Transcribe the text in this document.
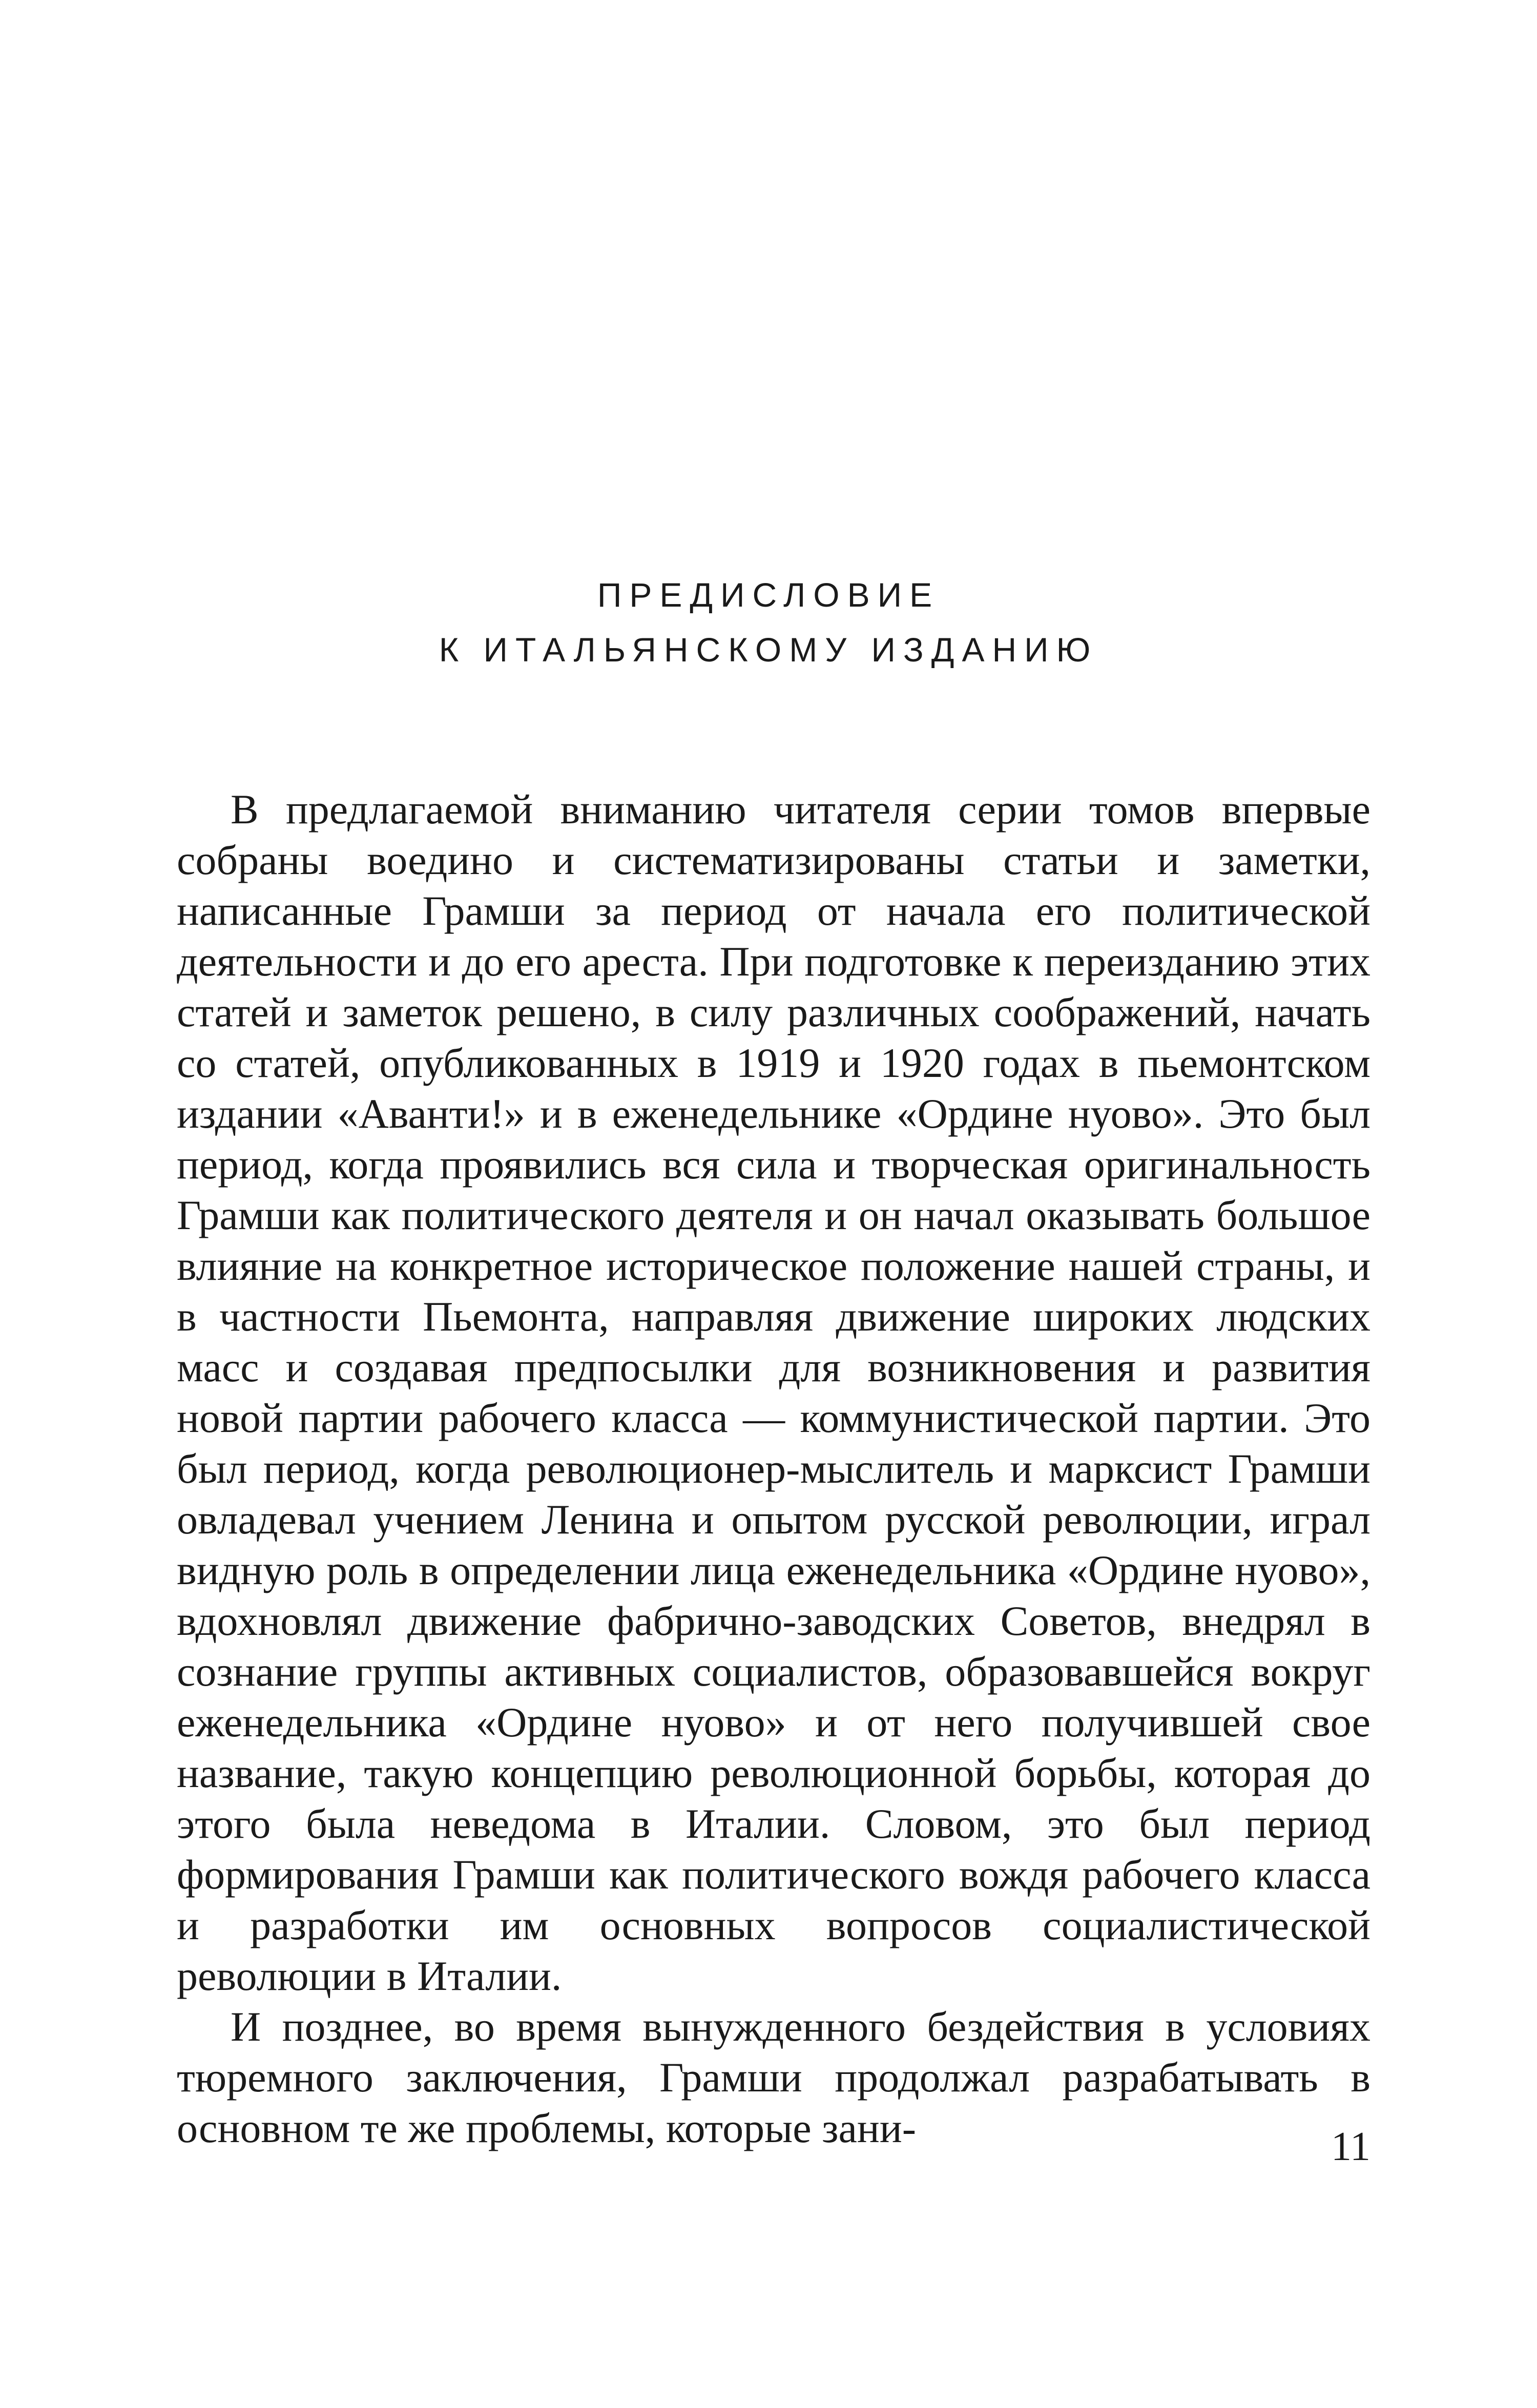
ПРЕДИСЛОВИЕ
К ИТАЛЬЯНСКОМУ ИЗДАНИЮ

В предлагаемой вниманию читателя серии томов впервые собраны воедино и систематизированы статьи и заметки, написанные Грамши за период от начала его политической деятельности и до его ареста. При подготовке к переизданию этих статей и заметок решено, в силу различных соображений, начать со статей, опубликованных в 1919 и 1920 годах в пьемонтском издании «Аванти!» и в еженедельнике «Ордине нуово». Это был период, когда проявились вся сила и творческая оригинальность Грамши как политического деятеля и он начал оказывать большое влияние на конкретное историческое положение нашей страны, и в частности Пьемонта, направляя движение широких людских масс и создавая предпосылки для возникновения и развития новой партии рабочего класса — коммунистической партии. Это был период, когда революционер-мыслитель и марксист Грамши овладевал учением Ленина и опытом русской революции, играл видную роль в определении лица еженедельника «Ордине нуово», вдохновлял движение фабрично-заводских Советов, внедрял в сознание группы активных социалистов, образовавшейся вокруг еженедельника «Ордине нуово» и от него получившей свое название, такую концепцию революционной борьбы, которая до этого была неведома в Италии. Словом, это был период формирования Грамши как политического вождя рабочего класса и разработки им основных вопросов социалистической революции в Италии.

И позднее, во время вынужденного бездействия в условиях тюремного заключения, Грамши продолжал разрабатывать в основном те же проблемы, которые зани-	11
